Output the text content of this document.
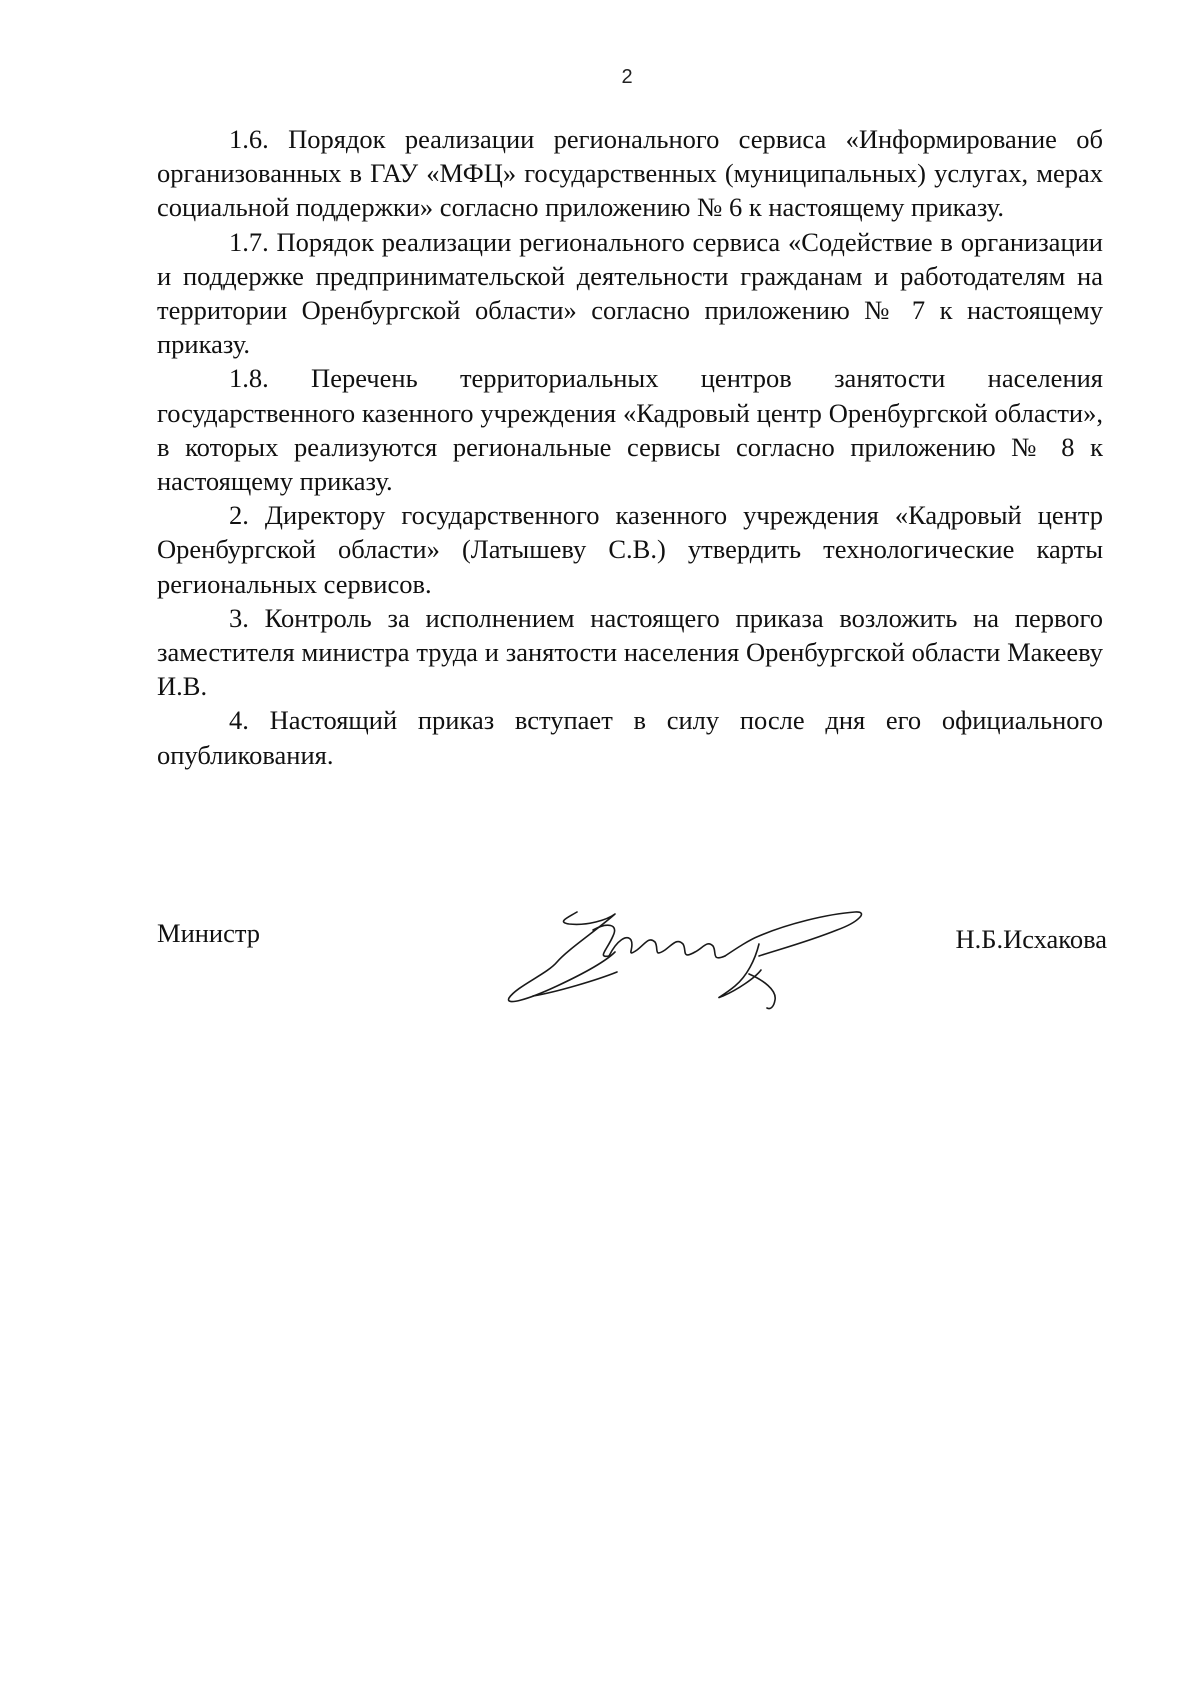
2

1.6. Порядок реализации регионального сервиса «Информирование об организованных в ГАУ «МФЦ» государственных (муниципальных) услугах, мерах социальной поддержки» согласно приложению № 6 к настоящему приказу.

1.7. Порядок реализации регионального сервиса «Содействие в организации и поддержке предпринимательской деятельности гражданам и работодателям на территории Оренбургской области» согласно приложению № 7 к настоящему приказу.

1.8. Перечень территориальных центров занятости населения государственного казенного учреждения «Кадровый центр Оренбургской области», в которых реализуются региональные сервисы согласно приложению № 8 к настоящему приказу.

2. Директору государственного казенного учреждения «Кадровый центр Оренбургской области» (Латышеву С.В.) утвердить технологические карты региональных сервисов.

3. Контроль за исполнением настоящего приказа возложить на первого заместителя министра труда и занятости населения Оренбургской области Макееву И.В.

4. Настоящий приказ вступает в силу после дня его официального опубликования.

Министр	Н.Б.Исхакова
